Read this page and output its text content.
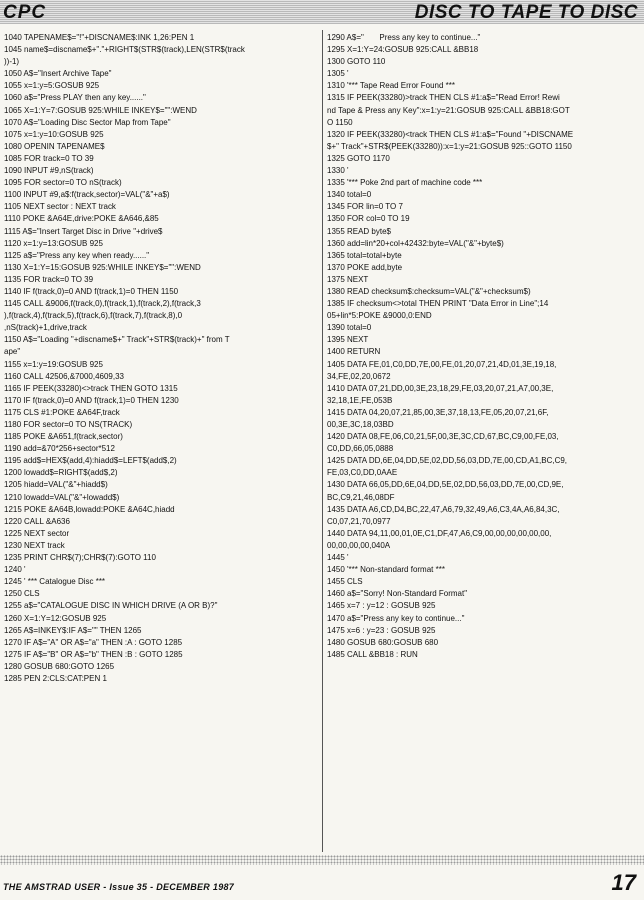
CPC	DISC TO TAPE TO DISC
1040 TAPENAME$="!"+DISCNAME$:INK 1,26:PEN 1
1045 name$=discname$+"."+RIGHT$(STR$(track),LEN(STR$(track
))-1)
1050 A$="Insert Archive Tape"
1055 x=1:y=5:GOSUB 925
1060 a$="Press PLAY then any key......"
1065 X=1:Y=7:GOSUB 925:WHILE INKEY$="":WEND
1070 A$="Loading Disc Sector Map from Tape"
1075 x=1:y=10:GOSUB 925
1080 OPENIN TAPENAME$
1085 FOR track=0 TO 39
1090 INPUT #9,nS(track)
1095 FOR sector=0 TO nS(track)
1100 INPUT #9,a$:f(track,sector)=VAL("&"+a$)
1105 NEXT sector : NEXT track
1110 POKE &A64E,drive:POKE &A646,&85
1115 A$="Insert Target Disc in Drive "+drive$
1120 x=1:y=13:GOSUB 925
1125 a$="Press any key when ready......"
1130 X=1:Y=15:GOSUB 925:WHILE INKEY$="":WEND
1135 FOR track=0 TO 39
1140 IF f(track,0)=0 AND f(track,1)=0 THEN 1150
1145 CALL &9006,f(track,0),f(track,1),f(track,2),f(track,3
),f(track,4),f(track,5),f(track,6),f(track,7),f(track,8),0
,nS(track)+1,drive,track
1150 A$="Loading "+discname$+" Track"+STR$(track)+" from T
ape"
1155 x=1:y=19:GOSUB 925
1160 CALL 42506,&7000,4609,33
1165 IF PEEK(33280)<>track THEN GOTO 1315
1170 IF f(track,0)=0 AND f(track,1)=0 THEN 1230
1175 CLS #1:POKE &A64F,track
1180 FOR sector=0 TO NS(TRACK)
1185 POKE &A651,f(track,sector)
1190 add=&70*256+sector*512
1195 add$=HEX$(add,4):hiadd$=LEFT$(add$,2)
1200 lowadd$=RIGHT$(add$,2)
1205 hiadd=VAL("&"+hiadd$)
1210 lowadd=VAL("&"+lowadd$)
1215 POKE &A64B,lowadd:POKE &A64C,hiadd
1220 CALL &A636
1225 NEXT sector
1230 NEXT track
1235 PRINT CHR$(7);CHR$(7):GOTO 110
1240 '
1245 ' *** Catalogue Disc ***
1250 CLS
1255 a$="CATALOGUE DISC IN WHICH DRIVE (A OR B)?"
1260 X=1:Y=12:GOSUB 925
1265 A$=INKEY$:IF A$="" THEN 1265
1270 IF A$="A" OR A$="a" THEN :A : GOTO 1285
1275 IF A$="B" OR A$="b" THEN :B : GOTO 1285
1280 GOSUB 680:GOTO 1265
1285 PEN 2:CLS:CAT:PEN 1
1290 A$="       Press any key to continue..."
1295 X=1:Y=24:GOSUB 925:CALL &BB18
1300 GOTO 110
1305 '
1310 '*** Tape Read Error Found ***
1315 IF PEEK(33280)>track THEN CLS #1:a$="Read Error! Rewi
nd Tape & Press any Key":x=1:y=21:GOSUB 925:CALL &BB18:GOT
O 1150
1320 IF PEEK(33280)<track THEN CLS #1:a$="Found "+DISCNAME
$+" Track"+STR$(PEEK(33280)):x=1:y=21:GOSUB 925::GOTO 1150
1325 GOTO 1170
1330 '
1335 '*** Poke 2nd part of machine code ***
1340 total=0
1345 FOR lin=0 TO 7
1350 FOR col=0 TO 19
1355 READ byte$
1360 add=lin*20+col+42432:byte=VAL("&"+byte$)
1365 total=total+byte
1370 POKE add,byte
1375 NEXT
1380 READ checksum$:checksum=VAL("&"+checksum$)
1385 IF checksum<>total THEN PRINT "Data Error in Line";14
05+lin*5:POKE &9000,0:END
1390 total=0
1395 NEXT
1400 RETURN
1405 DATA FE,01,C0,DD,7E,00,FE,01,20,07,21,4D,01,3E,19,18,
34,FE,02,20,0672
1410 DATA 07,21,DD,00,3E,23,18,29,FE,03,20,07,21,A7,00,3E,
32,18,1E,FE,053B
1415 DATA 04,20,07,21,85,00,3E,37,18,13,FE,05,20,07,21,6F,
00,3E,3C,18,03BD
1420 DATA 08,FE,06,C0,21,5F,00,3E,3C,CD,67,BC,C9,00,FE,03,
C0,DD,66,05,0888
1425 DATA DD,6E,04,DD,5E,02,DD,56,03,DD,7E,00,CD,A1,BC,C9,
FE,03,C0,DD,0AAE
1430 DATA 66,05,DD,6E,04,DD,5E,02,DD,56,03,DD,7E,00,CD,9E,
BC,C9,21,46,08DF
1435 DATA A6,CD,D4,BC,22,47,A6,79,32,49,A6,C3,4A,A6,84,3C,
C0,07,21,70,0977
1440 DATA 94,11,00,01,0E,C1,DF,47,A6,C9,00,00,00,00,00,00,
00,00,00,00,040A
1445 '
1450 '*** Non-standard format ***
1455 CLS
1460 a$="Sorry! Non-Standard Format"
1465 x=7 : y=12 : GOSUB 925
1470 a$="Press any key to continue..."
1475 x=6 : y=23 : GOSUB 925
1480 GOSUB 680:GOSUB 680
1485 CALL &BB18 : RUN
THE AMSTRAD USER - Issue 35 - DECEMBER 1987	17
